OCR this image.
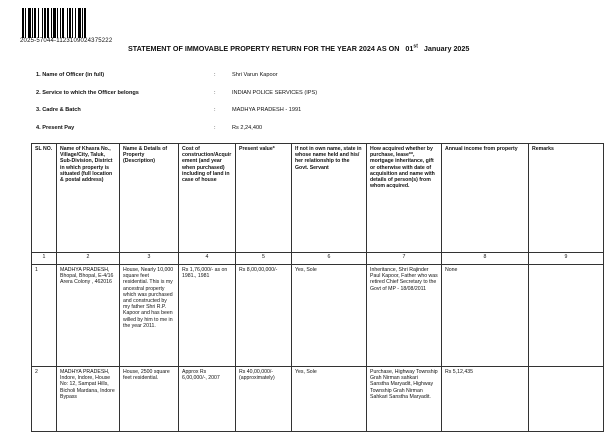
2025-57044-1123109024375222
STATEMENT OF IMMOVABLE PROPERTY RETURN FOR THE YEAR 2024 AS ON 01st January 2025
1. Name of Officer (in full)	:	Shri Varun Kapoor
2. Service to which the Officer belongs	:	INDIAN POLICE SERVICES (IPS)
3. Cadre & Batch	:	MADHYA PRADESH - 1991
4. Present Pay	:	Rs 2,24,400
SL NO.	Name of Khasra No., Village/City, Taluk, Sub-Division, District in which property is situated (full location & postal address)	Name & Details of Property (Description)	Cost of construction/Acquirement (and year when purchased) including of land in case of house	Present value*	If not in own name, state in whose name held and his/ her relationship to the Govt. Servant	How acquired whether by purchase, lease**, mortgage inheritance, gift or otherwise with date of acquisition and name with details of person(s) from whom acquired.	Annual income from property	Remarks
1	2	3	4	5	6	7	8	9
1	MADHYA PRADESH, Bhopal, Bhopal, E-4/16 Arera Colony , 462016	House, Nearly 10,000 square feet residential. This is my ancestral property which was purchased and constructed by my father Shri R.P. Kapoor and has been willed by him to me in the year 2011.	Rs 1,76,000/- as on 1981., 1981	Rs 8,00,00,000/-	Yes, Sole	Inheritance, Shri Rajinder Paul Kapoor, Father who was retired Chief Secretary to the Govt of MP - 18/08/2011	None	
2	MADHYA PRADESH, Indore, Indore, House No: 12, Sampat Hills, Bicholi Mardana, Indore Bypass	House, 2500 square feet residential.	Approx Rs 6,00,000/-, 2007	Rs 40,00,000/- (approximately)	Yes, Sole	Purchase, Highway Township Grah Nirman sahkari Sanstha Maryadit, Highway Township Grah Nirman Sahkari Sanstha Maryadit.	Rs 5,12,435	
